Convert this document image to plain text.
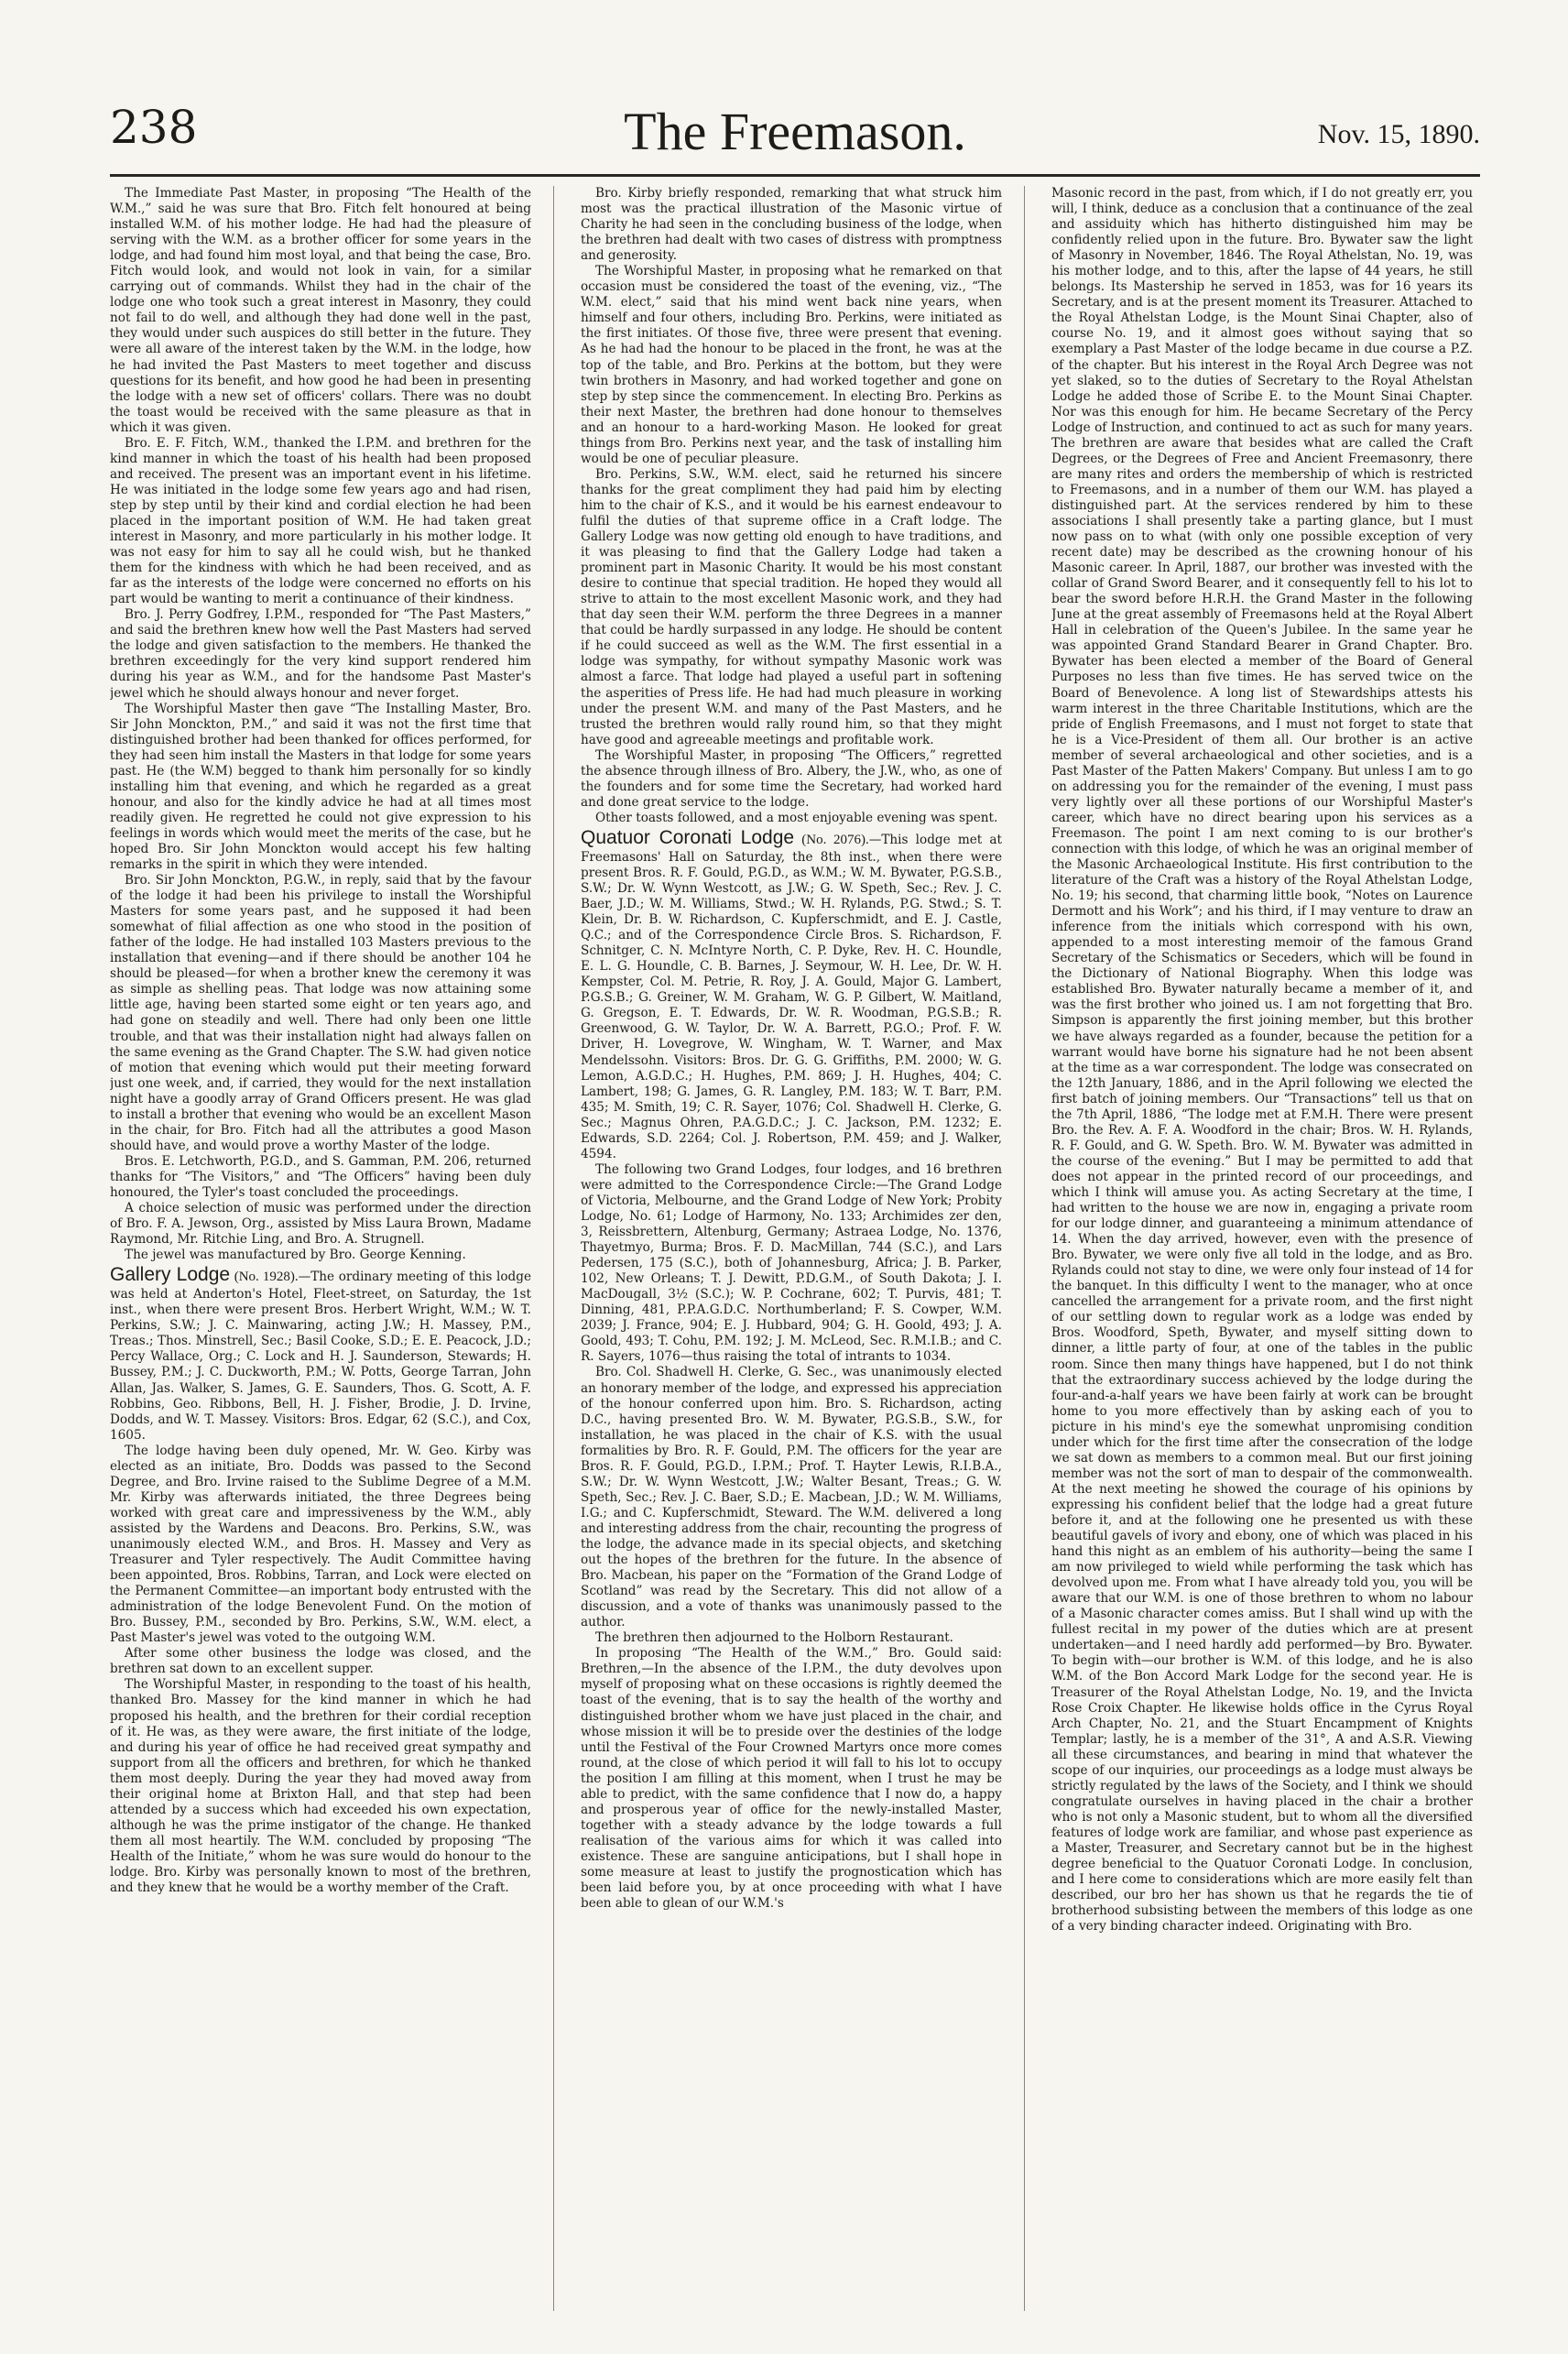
238	The Freemason.	Nov. 15, 1890.

The Immediate Past Master, in proposing “The Health of the W.M.,” said he was sure that Bro. Fitch felt honoured at being installed W.M. of his mother lodge. He had had the pleasure of serving with the W.M. as a brother officer for some years in the lodge, and had found him most loyal, and that being the case, Bro. Fitch would look, and would not look in vain, for a similar carrying out of commands. Whilst they had in the chair of the lodge one who took such a great interest in Masonry, they could not fail to do well, and although they had done well in the past, they would under such auspices do still better in the future. They were all aware of the interest taken by the W.M. in the lodge, how he had invited the Past Masters to meet together and discuss questions for its benefit, and how good he had been in presenting the lodge with a new set of officers' collars. There was no doubt the toast would be received with the same pleasure as that in which it was given.

Bro. E. F. Fitch, W.M., thanked the I.P.M. and brethren for the kind manner in which the toast of his health had been proposed and received. The present was an important event in his lifetime. He was initiated in the lodge some few years ago and had risen, step by step until by their kind and cordial election he had been placed in the important position of W.M. He had taken great interest in Masonry, and more particularly in his mother lodge. It was not easy for him to say all he could wish, but he thanked them for the kindness with which he had been received, and as far as the interests of the lodge were concerned no efforts on his part would be wanting to merit a continuance of their kindness.

Bro. J. Perry Godfrey, I.P.M., responded for “The Past Masters,” and said the brethren knew how well the Past Masters had served the lodge and given satisfaction to the members. He thanked the brethren exceedingly for the very kind support rendered him during his year as W.M., and for the handsome Past Master's jewel which he should always honour and never forget.

The Worshipful Master then gave “The Installing Master, Bro. Sir John Monckton, P.M.,” and said it was not the first time that distinguished brother had been thanked for offices performed, for they had seen him install the Masters in that lodge for some years past. He (the W.M) begged to thank him personally for so kindly installing him that evening, and which he regarded as a great honour, and also for the kindly advice he had at all times most readily given. He regretted he could not give expression to his feelings in words which would meet the merits of the case, but he hoped Bro. Sir John Monckton would accept his few halting remarks in the spirit in which they were intended.

Bro. Sir John Monckton, P.G.W., in reply, said that by the favour of the lodge it had been his privilege to install the Worshipful Masters for some years past, and he supposed it had been somewhat of filial affection as one who stood in the position of father of the lodge. He had installed 103 Masters previous to the installation that evening—and if there should be another 104 he should be pleased—for when a brother knew the ceremony it was as simple as shelling peas. That lodge was now attaining some little age, having been started some eight or ten years ago, and had gone on steadily and well. There had only been one little trouble, and that was their installation night had always fallen on the same evening as the Grand Chapter. The S.W. had given notice of motion that evening which would put their meeting forward just one week, and, if carried, they would for the next installation night have a goodly array of Grand Officers present. He was glad to install a brother that evening who would be an excellent Mason in the chair, for Bro. Fitch had all the attributes a good Mason should have, and would prove a worthy Master of the lodge.

Bros. E. Letchworth, P.G.D., and S. Gamman, P.M. 206, returned thanks for “The Visitors,” and “The Officers” having been duly honoured, the Tyler's toast concluded the proceedings.

A choice selection of music was performed under the direction of Bro. F. A. Jewson, Org., assisted by Miss Laura Brown, Madame Raymond, Mr. Ritchie Ling, and Bro. A. Strugnell.

The jewel was manufactured by Bro. George Kenning.

Gallery Lodge (No. 1928).—The ordinary meeting of this lodge was held at Anderton's Hotel, Fleet-street, on Saturday, the 1st inst., when there were present Bros. Herbert Wright, W.M.; W. T. Perkins, S.W.; J. C. Mainwaring, acting J.W.; H. Massey, P.M., Treas.; Thos. Minstrell, Sec.; Basil Cooke, S.D.; E. E. Peacock, J.D.; Percy Wallace, Org.; C. Lock and H. J. Saunderson, Stewards; H. Bussey, P.M.; J. C. Duckworth, P.M.; W. Potts, George Tarran, John Allan, Jas. Walker, S. James, G. E. Saunders, Thos. G. Scott, A. F. Robbins, Geo. Ribbons, Bell, H. J. Fisher, Brodie, J. D. Irvine, Dodds, and W. T. Massey. Visitors: Bros. Edgar, 62 (S.C.), and Cox, 1605.

The lodge having been duly opened, Mr. W. Geo. Kirby was elected as an initiate, Bro. Dodds was passed to the Second Degree, and Bro. Irvine raised to the Sublime Degree of a M.M. Mr. Kirby was afterwards initiated, the three Degrees being worked with great care and impressiveness by the W.M., ably assisted by the Wardens and Deacons. Bro. Perkins, S.W., was unanimously elected W.M., and Bros. H. Massey and Very as Treasurer and Tyler respectively. The Audit Committee having been appointed, Bros. Robbins, Tarran, and Lock were elected on the Permanent Committee—an important body entrusted with the administration of the lodge Benevolent Fund. On the motion of Bro. Bussey, P.M., seconded by Bro. Perkins, S.W., W.M. elect, a Past Master's jewel was voted to the outgoing W.M.

After some other business the lodge was closed, and the brethren sat down to an excellent supper.

The Worshipful Master, in responding to the toast of his health, thanked Bro. Massey for the kind manner in which he had proposed his health, and the brethren for their cordial reception of it. He was, as they were aware, the first initiate of the lodge, and during his year of office he had received great sympathy and support from all the officers and brethren, for which he thanked them most deeply. During the year they had moved away from their original home at Brixton Hall, and that step had been attended by a success which had exceeded his own expectation, although he was the prime instigator of the change. He thanked them all most heartily. The W.M. concluded by proposing “The Health of the Initiate,” whom he was sure would do honour to the lodge. Bro. Kirby was personally known to most of the brethren, and they knew that he would be a worthy member of the Craft.

Bro. Kirby briefly responded, remarking that what struck him most was the practical illustration of the Masonic virtue of Charity he had seen in the concluding business of the lodge, when the brethren had dealt with two cases of distress with promptness and generosity.

The Worshipful Master, in proposing what he remarked on that occasion must be considered the toast of the evening, viz., “The W.M. elect,” said that his mind went back nine years, when himself and four others, including Bro. Perkins, were initiated as the first initiates. Of those five, three were present that evening. As he had had the honour to be placed in the front, he was at the top of the table, and Bro. Perkins at the bottom, but they were twin brothers in Masonry, and had worked together and gone on step by step since the commencement. In electing Bro. Perkins as their next Master, the brethren had done honour to themselves and an honour to a hard-working Mason. He looked for great things from Bro. Perkins next year, and the task of installing him would be one of peculiar pleasure.

Bro. Perkins, S.W., W.M. elect, said he returned his sincere thanks for the great compliment they had paid him by electing him to the chair of K.S., and it would be his earnest endeavour to fulfil the duties of that supreme office in a Craft lodge. The Gallery Lodge was now getting old enough to have traditions, and it was pleasing to find that the Gallery Lodge had taken a prominent part in Masonic Charity. It would be his most constant desire to continue that special tradition. He hoped they would all strive to attain to the most excellent Masonic work, and they had that day seen their W.M. perform the three Degrees in a manner that could be hardly surpassed in any lodge. He should be content if he could succeed as well as the W.M. The first essential in a lodge was sympathy, for without sympathy Masonic work was almost a farce. That lodge had played a useful part in softening the asperities of Press life. He had had much pleasure in working under the present W.M. and many of the Past Masters, and he trusted the brethren would rally round him, so that they might have good and agreeable meetings and profitable work.

The Worshipful Master, in proposing “The Officers,” regretted the absence through illness of Bro. Albery, the J.W., who, as one of the founders and for some time the Secretary, had worked hard and done great service to the lodge.

Other toasts followed, and a most enjoyable evening was spent.

Quatuor Coronati Lodge (No. 2076).—This lodge met at Freemasons' Hall on Saturday, the 8th inst., when there were present Bros. R. F. Gould, P.G.D., as W.M.; W. M. Bywater, P.G.S.B., S.W.; Dr. W. Wynn Westcott, as J.W.; G. W. Speth, Sec.; Rev. J. C. Baer, J.D.; W. M. Williams, Stwd.; W. H. Rylands, P.G. Stwd.; S. T. Klein, Dr. B. W. Richardson, C. Kupferschmidt, and E. J. Castle, Q.C.; and of the Correspondence Circle Bros. S. Richardson, F. Schnitger, C. N. McIntyre North, C. P. Dyke, Rev. H. C. Houndle, E. L. G. Houndle, C. B. Barnes, J. Seymour, W. H. Lee, Dr. W. H. Kempster, Col. M. Petrie, R. Roy, J. A. Gould, Major G. Lambert, P.G.S.B.; G. Greiner, W. M. Graham, W. G. P. Gilbert, W. Maitland, G. Gregson, E. T. Edwards, Dr. W. R. Woodman, P.G.S.B.; R. Greenwood, G. W. Taylor, Dr. W. A. Barrett, P.G.O.; Prof. F. W. Driver, H. Lovegrove, W. Wingham, W. T. Warner, and Max Mendelssohn. Visitors: Bros. Dr. G. G. Griffiths, P.M. 2000; W. G. Lemon, A.G.D.C.; H. Hughes, P.M. 869; J. H. Hughes, 404; C. Lambert, 198; G. James, G. R. Langley, P.M. 183; W. T. Barr, P.M. 435; M. Smith, 19; C. R. Sayer, 1076; Col. Shadwell H. Clerke, G. Sec.; Magnus Ohren, P.A.G.D.C.; J. C. Jackson, P.M. 1232; E. Edwards, S.D. 2264; Col. J. Robertson, P.M. 459; and J. Walker, 4594.

The following two Grand Lodges, four lodges, and 16 brethren were admitted to the Correspondence Circle:—The Grand Lodge of Victoria, Melbourne, and the Grand Lodge of New York; Probity Lodge, No. 61; Lodge of Harmony, No. 133; Archimides zer den, 3, Reissbrettern, Altenburg, Germany; Astraea Lodge, No. 1376, Thayetmyo, Burma; Bros. F. D. MacMillan, 744 (S.C.), and Lars Pedersen, 175 (S.C.), both of Johannesburg, Africa; J. B. Parker, 102, New Orleans; T. J. Dewitt, P.D.G.M., of South Dakota; J. I. MacDougall, 3½ (S.C.); W. P. Cochrane, 602; T. Purvis, 481; T. Dinning, 481, P.P.A.G.D.C. Northumberland; F. S. Cowper, W.M. 2039; J. France, 904; E. J. Hubbard, 904; G. H. Goold, 493; J. A. Goold, 493; T. Cohu, P.M. 192; J. M. McLeod, Sec. R.M.I.B.; and C. R. Sayers, 1076—thus raising the total of intrants to 1034.

Bro. Col. Shadwell H. Clerke, G. Sec., was unanimously elected an honorary member of the lodge, and expressed his appreciation of the honour conferred upon him. Bro. S. Richardson, acting D.C., having presented Bro. W. M. Bywater, P.G.S.B., S.W., for installation, he was placed in the chair of K.S. with the usual formalities by Bro. R. F. Gould, P.M. The officers for the year are Bros. R. F. Gould, P.G.D., I.P.M.; Prof. T. Hayter Lewis, R.I.B.A., S.W.; Dr. W. Wynn Westcott, J.W.; Walter Besant, Treas.; G. W. Speth, Sec.; Rev. J. C. Baer, S.D.; E. Macbean, J.D.; W. M. Williams, I.G.; and C. Kupferschmidt, Steward. The W.M. delivered a long and interesting address from the chair, recounting the progress of the lodge, the advance made in its special objects, and sketching out the hopes of the brethren for the future. In the absence of Bro. Macbean, his paper on the “Formation of the Grand Lodge of Scotland” was read by the Secretary. This did not allow of a discussion, and a vote of thanks was unanimously passed to the author.

The brethren then adjourned to the Holborn Restaurant.

In proposing “The Health of the W.M.,” Bro. Gould said: Brethren,—In the absence of the I.P.M., the duty devolves upon myself of proposing what on these occasions is rightly deemed the toast of the evening, that is to say the health of the worthy and distinguished brother whom we have just placed in the chair, and whose mission it will be to preside over the destinies of the lodge until the Festival of the Four Crowned Martyrs once more comes round, at the close of which period it will fall to his lot to occupy the position I am filling at this moment, when I trust he may be able to predict, with the same confidence that I now do, a happy and prosperous year of office for the newly-installed Master, together with a steady advance by the lodge towards a full realisation of the various aims for which it was called into existence. These are sanguine anticipations, but I shall hope in some measure at least to justify the prognostication which has been laid before you, by at once proceeding with what I have been able to glean of our W.M.'s

Masonic record in the past, from which, if I do not greatly err, you will, I think, deduce as a conclusion that a continuance of the zeal and assiduity which has hitherto distinguished him may be confidently relied upon in the future. Bro. Bywater saw the light of Masonry in November, 1846. The Royal Athelstan, No. 19, was his mother lodge, and to this, after the lapse of 44 years, he still belongs. Its Mastership he served in 1853, was for 16 years its Secretary, and is at the present moment its Treasurer. Attached to the Royal Athelstan Lodge, is the Mount Sinai Chapter, also of course No. 19, and it almost goes without saying that so exemplary a Past Master of the lodge became in due course a P.Z. of the chapter. But his interest in the Royal Arch Degree was not yet slaked, so to the duties of Secretary to the Royal Athelstan Lodge he added those of Scribe E. to the Mount Sinai Chapter. Nor was this enough for him. He became Secretary of the Percy Lodge of Instruction, and continued to act as such for many years. The brethren are aware that besides what are called the Craft Degrees, or the Degrees of Free and Ancient Freemasonry, there are many rites and orders the membership of which is restricted to Freemasons, and in a number of them our W.M. has played a distinguished part. At the services rendered by him to these associations I shall presently take a parting glance, but I must now pass on to what (with only one possible exception of very recent date) may be described as the crowning honour of his Masonic career. In April, 1887, our brother was invested with the collar of Grand Sword Bearer, and it consequently fell to his lot to bear the sword before H.R.H. the Grand Master in the following June at the great assembly of Freemasons held at the Royal Albert Hall in celebration of the Queen's Jubilee. In the same year he was appointed Grand Standard Bearer in Grand Chapter. Bro. Bywater has been elected a member of the Board of General Purposes no less than five times. He has served twice on the Board of Benevolence. A long list of Stewardships attests his warm interest in the three Charitable Institutions, which are the pride of English Freemasons, and I must not forget to state that he is a Vice-President of them all. Our brother is an active member of several archaeological and other societies, and is a Past Master of the Patten Makers' Company. But unless I am to go on addressing you for the remainder of the evening, I must pass very lightly over all these portions of our Worshipful Master's career, which have no direct bearing upon his services as a Freemason. The point I am next coming to is our brother's connection with this lodge, of which he was an original member of the Masonic Archaeological Institute. His first contribution to the literature of the Craft was a history of the Royal Athelstan Lodge, No. 19; his second, that charming little book, “Notes on Laurence Dermott and his Work”; and his third, if I may venture to draw an inference from the initials which correspond with his own, appended to a most interesting memoir of the famous Grand Secretary of the Schismatics or Seceders, which will be found in the Dictionary of National Biography. When this lodge was established Bro. Bywater naturally became a member of it, and was the first brother who joined us. I am not forgetting that Bro. Simpson is apparently the first joining member, but this brother we have always regarded as a founder, because the petition for a warrant would have borne his signature had he not been absent at the time as a war correspondent. The lodge was consecrated on the 12th January, 1886, and in the April following we elected the first batch of joining members. Our “Transactions” tell us that on the 7th April, 1886, “The lodge met at F.M.H. There were present Bro. the Rev. A. F. A. Woodford in the chair; Bros. W. H. Rylands, R. F. Gould, and G. W. Speth. Bro. W. M. Bywater was admitted in the course of the evening.” But I may be permitted to add that does not appear in the printed record of our proceedings, and which I think will amuse you. As acting Secretary at the time, I had written to the house we are now in, engaging a private room for our lodge dinner, and guaranteeing a minimum attendance of 14. When the day arrived, however, even with the presence of Bro. Bywater, we were only five all told in the lodge, and as Bro. Rylands could not stay to dine, we were only four instead of 14 for the banquet. In this difficulty I went to the manager, who at once cancelled the arrangement for a private room, and the first night of our settling down to regular work as a lodge was ended by Bros. Woodford, Speth, Bywater, and myself sitting down to dinner, a little party of four, at one of the tables in the public room. Since then many things have happened, but I do not think that the extraordinary success achieved by the lodge during the four-and-a-half years we have been fairly at work can be brought home to you more effectively than by asking each of you to picture in his mind's eye the somewhat unpromising condition under which for the first time after the consecration of the lodge we sat down as members to a common meal. But our first joining member was not the sort of man to despair of the commonwealth. At the next meeting he showed the courage of his opinions by expressing his confident belief that the lodge had a great future before it, and at the following one he presented us with these beautiful gavels of ivory and ebony, one of which was placed in his hand this night as an emblem of his authority—being the same I am now privileged to wield while performing the task which has devolved upon me. From what I have already told you, you will be aware that our W.M. is one of those brethren to whom no labour of a Masonic character comes amiss. But I shall wind up with the fullest recital in my power of the duties which are at present undertaken—and I need hardly add performed—by Bro. Bywater. To begin with—our brother is W.M. of this lodge, and he is also W.M. of the Bon Accord Mark Lodge for the second year. He is Treasurer of the Royal Athelstan Lodge, No. 19, and the Invicta Rose Croix Chapter. He likewise holds office in the Cyrus Royal Arch Chapter, No. 21, and the Stuart Encampment of Knights Templar; lastly, he is a member of the 31°, A and A.S.R. Viewing all these circumstances, and bearing in mind that whatever the scope of our inquiries, our proceedings as a lodge must always be strictly regulated by the laws of the Society, and I think we should congratulate ourselves in having placed in the chair a brother who is not only a Masonic student, but to whom all the diversified features of lodge work are familiar, and whose past experience as a Master, Treasurer, and Secretary cannot but be in the highest degree beneficial to the Quatuor Coronati Lodge. In conclusion, and I here come to considerations which are more easily felt than described, our bro her has shown us that he regards the tie of brotherhood subsisting between the members of this lodge as one of a very binding character indeed. Originating with Bro.
